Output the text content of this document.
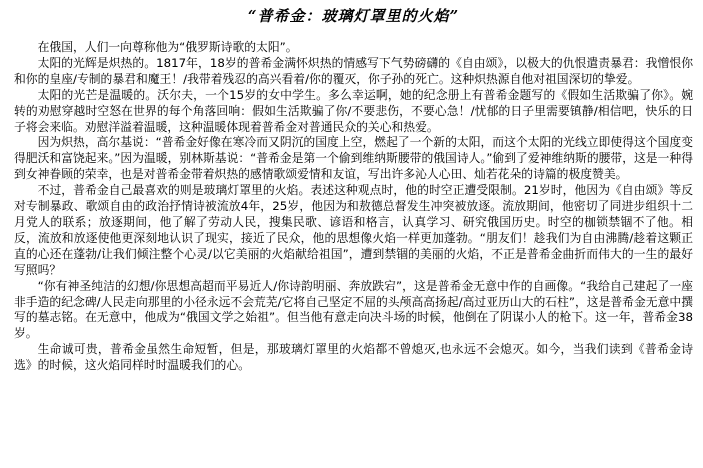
“普希金：玻璃灯罩里的火焰”

在俄国，人们一向尊称他为“俄罗斯诗歌的太阳”。

太阳的光辉是炽热的。1817年，18岁的普希金满怀炽热的情感写下气势磅礴的《自由颂》，以极大的仇恨遣责暴君：我憎恨你和你的皇座/专制的暴君和魔王！/我带着残忍的高兴看着/你的覆灭，你子孙的死亡。这种炽热源自他对祖国深切的挚爱。

太阳的光芒是温暖的。沃尔夫，一个15岁的女中学生。多么幸运啊，她的纪念册上有普希金题写的《假如生活欺骗了你》。婉转的劝慰穿越时空怒在世界的每个角落回响：假如生活欺骗了你/不要悲伤，不要心急！/忧郁的日子里需要镇静/相信吧，快乐的日子将会来临。劝慰洋溢着温暖，这种温暖体现着普希金对普通民众的关心和热爱。

因为炽热，高尔基说：“普希金好像在寒冷而又阴沉的国度上空，燃起了一个新的太阳，而这个太阳的光线立即使得这个国度变得肥沃和富饶起来。”因为温暖，别林斯基说：“普希金是第一个偷到维纳斯腰带的俄国诗人。”偷到了爱神维纳斯的腰带，这是一种得到女神眷顾的荣幸，也是对普希金带着炽热的感情歌颂爱情和友谊，写出许多沁人心田、灿若花朵的诗篇的极度赞美。

不过，普希金自己最喜欢的则是玻璃灯罩里的火焰。表述这种观点时，他的时空正遭受限制。21岁时，他因为《自由颂》等反对专制暴政、歌颂自由的政治抒情诗被流放4年，25岁，他因为和敖德总督发生冲突被放逐。流放期间，他密切了同进步组织十二月党人的联系；放逐期间，他了解了劳动人民，搜集民歌、谚语和格言，认真学习、研究俄国历史。时空的枷锁禁锢不了他。相反，流放和放逐使他更深刻地认识了现实，接近了民众，他的思想像火焰一样更加蓬勃。“朋友们！趁我们为自由沸腾/趁着这颗正直的心还在蓬勃/让我们倾注整个心灵/以它美丽的火焰献给祖国”，遭到禁锢的美丽的火焰，不正是普希金曲折而伟大的一生的最好写照吗？

“你有神圣纯洁的幻想/你思想高超而平易近人/你诗韵明丽、奔放跌宕”，这是普希金无意中作的自画像。“我给自己建起了一座非手造的纪念碑/人民走向那里的小径永远不会荒芜/它将自己坚定不屈的头颅高高扬起/高过亚历山大的石柱”，这是普希金无意中撰写的墓志铭。在无意中，他成为“俄国文学之始祖”。但当他有意走向决斗场的时候，他倒在了阴谋小人的枪下。这一年，普希金38岁。

生命诚可贵，普希金虽然生命短暂，但是，那玻璃灯罩里的火焰都不曾熄灭,也永远不会熄灭。如今，当我们读到《普希金诗选》的时候，这火焰同样时时温暖我们的心。
